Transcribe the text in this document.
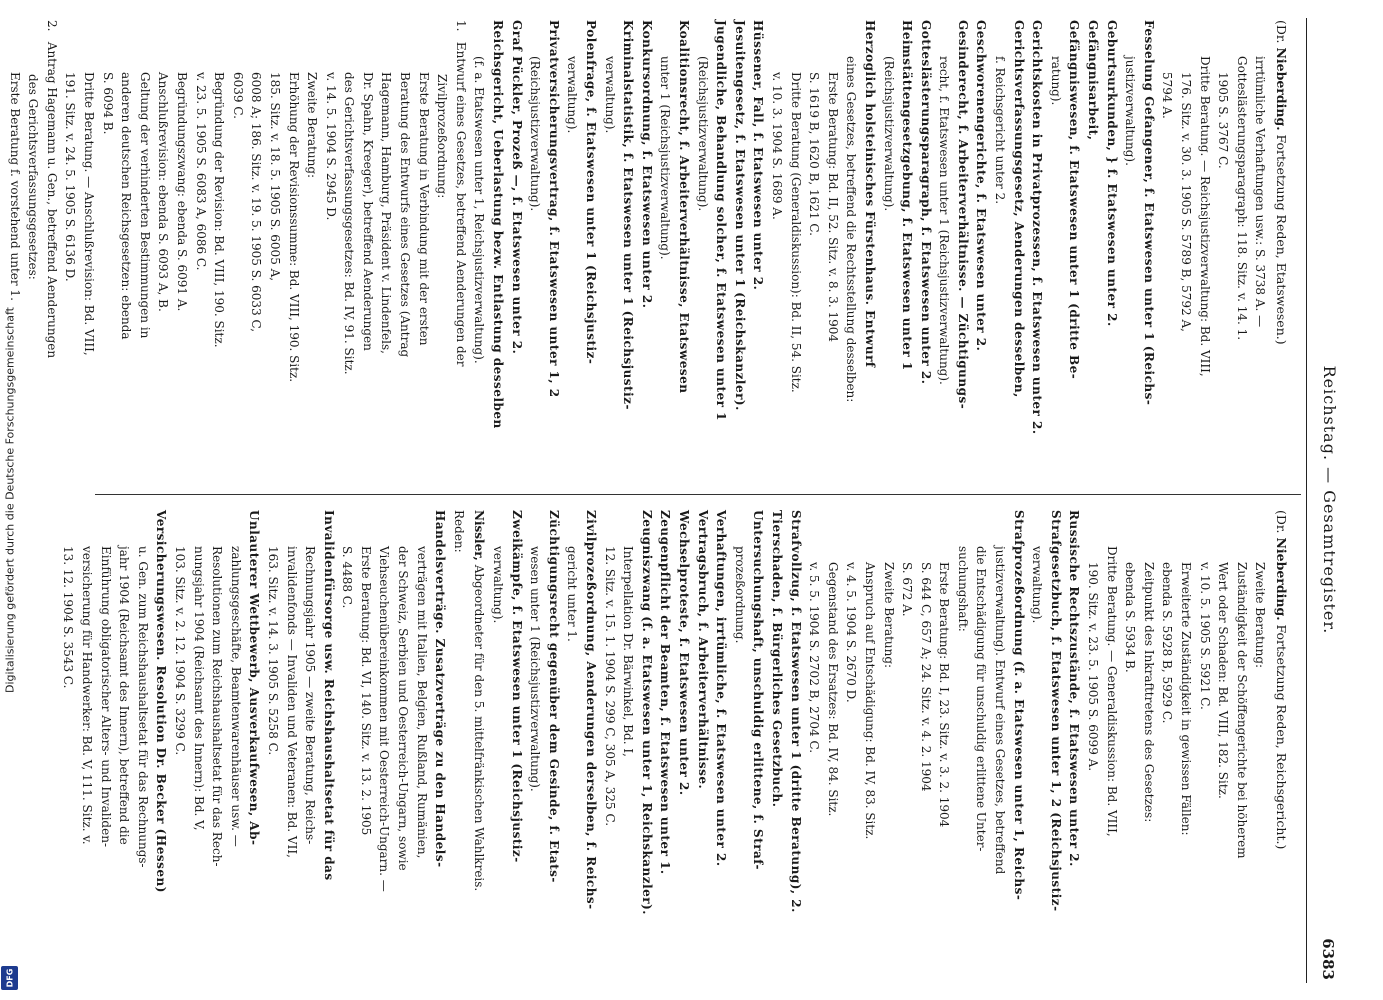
Digitalisierung gefördert durch die Deutsche Forschungsgemeinschaft
DFG
Reichstag. — Gesamtregister.
6383
(Dr. Nieberding. Fortsetzung Reden, Etatswesen.)
irrtümliche Verhaftungen usw.: S. 3738 A. —
Gotteslästerungsparagraph: 118. Sitz. v. 14. 1.
1905 S. 3767 C.
Dritte Beratung. — Reichsjustizverwaltung: Bd. VIII,
176. Sitz. v. 30. 3. 1905 S. 5789 B, 5792 A,
5794 A.
Fesselung Gefangener, f. Etatswesen unter 1 (Reichs-
justizverwaltung).
Geburtsurkunden, } f. Etatswesen unter 2.
Gefängnisarbeit,
Gefängniswesen, f. Etatswesen unter 1 (dritte Be-
ratung).
Gerichtskosten in Privatprozessen, f. Etatswesen unter 2.
Gerichtsverfassungsgesetz, Aenderungen desselben,
f. Reichsgericht unter 2.
Geschworenengerichte, f. Etatswesen unter 2.
Gesinderecht, f. Arbeiterverhältnisse. — Züchtigungs-
recht, f. Etatswesen unter 1 (Reichsjustizverwaltung).
Gotteslästerungsparagraph, f. Etatswesen unter 2.
Heimstättengesetzgebung, f. Etatswesen unter 1
(Reichsjustizverwaltung).
Herzoglich holsteinisches Fürstenhaus. Entwurf
eines Gesetzes, betreffend die Rechtsstellung desselben:
Erste Beratung: Bd. II, 52. Sitz. v. 8. 3. 1904
S. 1619 B, 1620 B, 1621 C.
Dritte Beratung (Generaldiskussion): Bd. II, 54. Sitz.
v. 10. 3. 1904 S. 1689 A.
Hüssener, Fall, f. Etatswesen unter 2.
Jesuitengesetz, f. Etatswesen unter 1 (Reichskanzler).
Jugendliche, Behandlung solcher, f. Etatswesen unter 1
(Reichsjustizverwaltung).
Koalitionsrecht, f. Arbeiterverhältnisse, Etatswesen
unter 1 (Reichsjustizverwaltung).
Konkursordnung, f. Etatswesen unter 2.
Kriminalstatistik, f. Etatswesen unter 1 (Reichsjustiz-
verwaltung).
Polenfrage, f. Etatswesen unter 1 (Reichsjustiz-
verwaltung).
Privatversicherungsvertrag, f. Etatswesen unter 1, 2
(Reichsjustizverwaltung).
Graf Pückler, Prozeß —, f. Etatswesen unter 2.
Reichsgericht, Ueberlastung bezw. Entlastung desselben
(f. a. Etatswesen unter 1, Reichsjustizverwaltung).
1. Entwurf eines Gesetzes, betreffend Aenderungen der
Zivilprozeßordnung:
Erste Beratung in Verbindung mit der ersten
Beratung des Entwurfs eines Gesetzes (Antrag
Hagemann, Hamburg, Präsident v. Lindenfels,
Dr. Spahn, Kreeger), betreffend Aenderungen
des Gerichtsverfassungsgesetzes: Bd. IV, 91. Sitz.
v. 14. 5. 1904 S. 2945 D.
Zweite Beratung:
Erhöhung der Revisionssumme: Bd. VIII, 190. Sitz.
185. Sitz. v. 18. 5. 1905 S. 6005 A,
6008 A; 186. Sitz. v. 19. 5. 1905 S. 6033 C,
6039 C.
Begründung der Revision: Bd. VIII, 190. Sitz.
v. 23. 5. 1905 S. 6083 A, 6086 C.
Begründungszwang: ebenda S. 6091 A.
Anschlußrevision: ebenda S. 6093 A, B.
Geltung der verhinderten Bestimmungen in
anderen deutschen Reichsgesetzen: ebenda
S. 6094 B.
Dritte Beratung. — Anschlußrevision: Bd. VIII,
191. Sitz. v. 24. 5. 1905 S. 6136 D.
2. Antrag Hagemann u. Gen., betreffend Aenderungen
des Gerichtsverfassungsgesetzes:
Erste Beratung f. vorstehend unter 1.
(Dr. Nieberding. Fortsetzung Reden, Reichsgericht.)
Zweite Beratung:
Zuständigkeit der Schöffengerichte bei höherem
Wert oder Schaden: Bd. VIII, 182. Sitz.
v. 10. 5. 1905 S. 5921 C.
Erweiterte Zuständigkeit in gewissen Fällen:
ebenda S. 5928 B, 5929 C.
Zeitpunkt des Inkrafttretens des Gesetzes:
ebenda S. 5934 B.
Dritte Beratung. — Generaldiskussion: Bd. VIII,
190. Sitz. v. 23. 5. 1905 S. 6099 A.
Russische Rechtszustände, f. Etatswesen unter 2.
Strafgesetzbuch, f. Etatswesen unter 1, 2 (Reichsjustiz-
verwaltung).
Strafprozeßordnung (f. a. Etatswesen unter 1, Reichs-
justizverwaltung). Entwurf eines Gesetzes, betreffend
die Entschädigung für unschuldig erlittene Unter-
suchungshaft:
Erste Beratung: Bd. I, 23. Sitz. v. 3. 2. 1904
S. 644 C, 657 A; 24. Sitz. v. 4. 2. 1904
S. 672 A.
Zweite Beratung:
Anspruch auf Entschädigung: Bd. IV, 83. Sitz.
v. 4. 5. 1904 S. 2670 D.
Gegenstand des Ersatzes: Bd. IV, 84. Sitz.
v. 5. 5. 1904 S. 2702 B, 2704 C.
Strafvollzug, f. Etatswesen unter 1 (dritte Beratung), 2.
Tierschaden, f. Bürgerliches Gesetzbuch.
Untersuchungshaft, unschuldig erlittene, f. Straf-
prozeßordnung.
Verhaftungen, irrtümliche, f. Etatswesen unter 2.
Vertragsbruch, f. Arbeiterverhältnisse.
Wechselproteste, f. Etatswesen unter 2.
Zeugenpflicht der Beamten, f. Etatswesen unter 1.
Zeugniszwang (f. a. Etatswesen unter 1, Reichskanzler).
Interpellation Dr. Bärwinkel, Bd. I,
12. Sitz. v. 15. 1. 1904 S. 299 C, 305 A, 325 C.
Zivilprozeßordnung, Aenderungen derselben, f. Reichs-
gericht unter 1.
Züchtigungsrecht gegenüber dem Gesinde, f. Etats-
wesen unter 1 (Reichsjustizverwaltung).
Zweikämpfe, f. Etatswesen unter 1 (Reichsjustiz-
verwaltung).
Nissler, Abgeordneter für den 5. mittelfränkischen Wahlkreis.
Reden:
Handelsverträge. Zusatzverträge zu den Handels-
verträgen mit Italien, Belgien, Rußland, Rumänien,
der Schweiz, Serbien und Oesterreich-Ungarn, sowie
Viehseuchenübereinkommen mit Oesterreich-Ungarn. —
Erste Beratung: Bd. VI, 140. Sitz. v. 13. 2. 1905
S. 4488 C.
Invalidenfürsorge usw. Reichshaushaltsetat für das
Rechnungsjahr 1905 — zweite Beratung, Reichs-
invalidenfonds — Invaliden und Veteranen: Bd. VII,
163. Sitz. v. 14. 3. 1905 S. 5258 C.
Unlauterer Wettbewerb, Ausverkaufwesen, Ab-
zahlungsgeschäfte, Beamtenwarenhäuser usw. —
Resolutionen zum Reichshaushaltsetat für das Rech-
nungsjahr 1904 (Reichsamt des Innern): Bd. V,
103. Sitz. v. 2. 12. 1904 S. 3299 C.
Versicherungswesen. Resolution Dr. Becker (Hessen)
u. Gen. zum Reichshaushaltsetat für das Rechnungs-
jahr 1904 (Reichsamt des Innern), betreffend die
Einführung obligatorischer Alters- und Invaliden-
versicherung für Handwerker: Bd. V, 111. Sitz. v.
13. 12. 1904 S. 3543 C.
